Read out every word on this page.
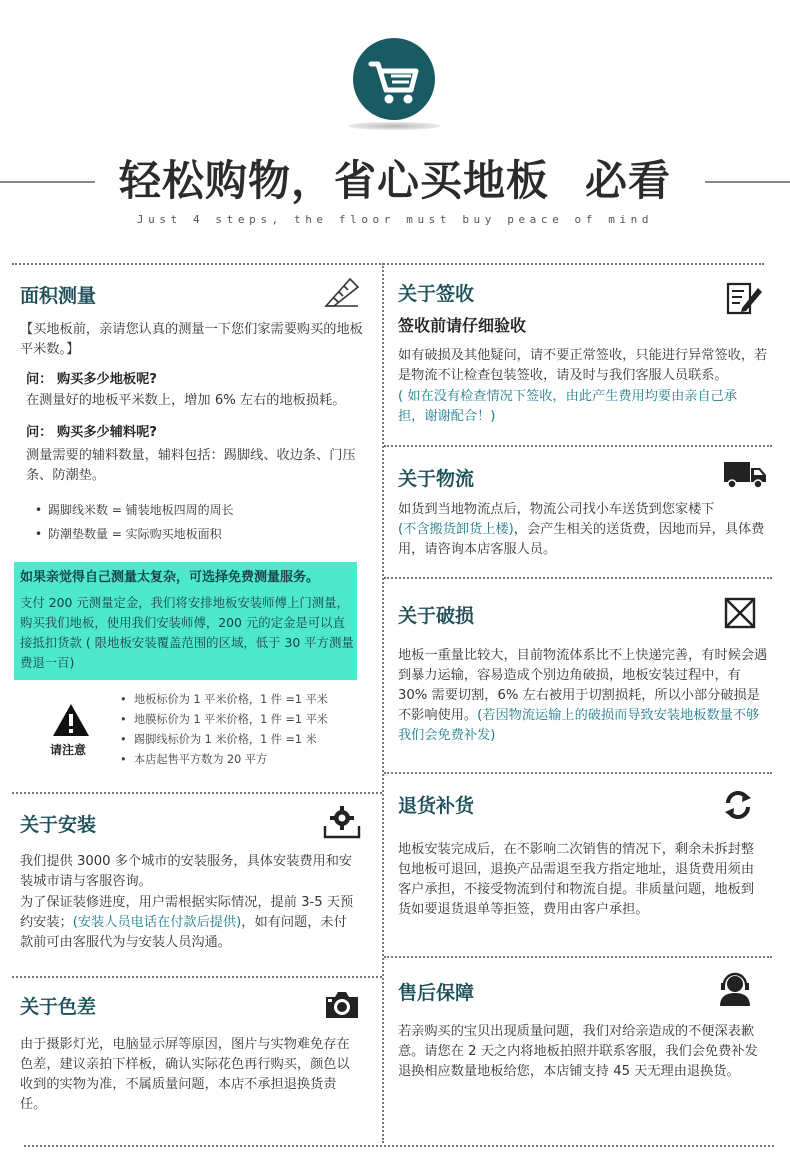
轻松购物，省心买地板 必看
Just 4 steps, the floor must buy peace of mind
面积测量
【买地板前，亲请您认真的测量一下您们家需要购买的地板平米数。】
问： 购买多少地板呢?
在测量好的地板平米数上，增加 6% 左右的地板损耗。
问： 购买多少辅料呢?
测量需要的辅料数量，辅料包括：踢脚线、收边条、门压条、防潮垫。
• 踢脚线米数 = 铺装地板四周的周长
• 防潮垫数量 = 实际购买地板面积
如果亲觉得自己测量太复杂，可选择免费测量服务。
支付 200 元测量定金，我们将安排地板安装师傅上门测量，购买我们地板，使用我们安装师傅，200 元的定金是可以直接抵扣货款 ( 限地板安装覆盖范围的区域，低于 30 平方测量费退一百)
请注意
• 地板标价为 1 平米价格，1 件 =1 平米
• 地膜标价为 1 平米价格，1 件 =1 平米
• 踢脚线标价为 1 米价格，1 件 =1 米
• 本店起售平方数为 20 平方
关于安装
我们提供 3000 多个城市的安装服务，具体安装费用和安装城市请与客服咨询。
为了保证装修进度，用户需根据实际情况，提前 3-5 天预约安装；(安装人员电话在付款后提供)，如有问题，未付款前可由客服代为与安装人员沟通。
关于色差
由于摄影灯光，电脑显示屏等原因，图片与实物难免存在色差，建议亲拍下样板，确认实际花色再行购买，颜色以收到的实物为准，不属质量问题，本店不承担退换货责任。
关于签收
签收前请仔细验收
如有破损及其他疑问，请不要正常签收，只能进行异常签收，若是物流不让检查包装签收，请及时与我们客服人员联系。
( 如在没有检查情况下签收，由此产生费用均要由亲自己承担，谢谢配合！)
关于物流
如货到当地物流点后，物流公司找小车送货到您家楼下
(不含搬货卸货上楼)，会产生相关的送货费，因地而异，具体费用，请咨询本店客服人员。
关于破损
地板一重量比较大，目前物流体系比不上快递完善，有时候会遇到暴力运输，容易造成个别边角破损，地板安装过程中，有 30% 需要切割，6% 左右被用于切割损耗，所以小部分破损是不影响使用。(若因物流运输上的破损而导致安装地板数量不够我们会免费补发)
退货补货
地板安装完成后，在不影响二次销售的情况下，剩余未拆封整包地板可退回，退换产品需退至我方指定地址，退货费用须由客户承担，不接受物流到付和物流自提。非质量问题，地板到货如要退货退单等拒签，费用由客户承担。
售后保障
若亲购买的宝贝出现质量问题，我们对给亲造成的不便深表歉意。请您在 2 天之内将地板拍照并联系客服，我们会免费补发退换相应数量地板给您，本店铺支持 45 天无理由退换货。
